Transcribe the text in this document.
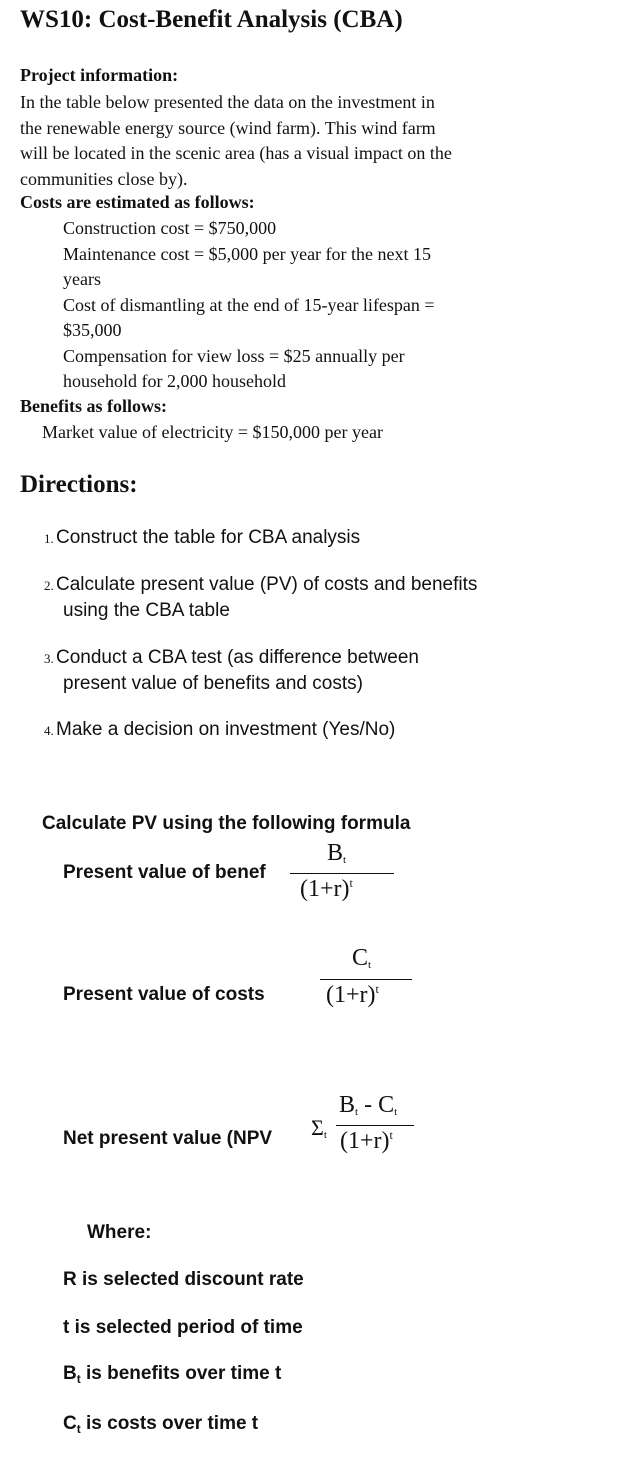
WS10: Cost-Benefit Analysis (CBA)
Project information:
In the table below presented the data on the investment in
the renewable energy source (wind farm). This wind farm
will be located in the scenic area (has a visual impact on the
communities close by).
Costs are estimated as follows:
Construction cost = $750,000
Maintenance cost = $5,000 per year for the next 15
years
Cost of dismantling at the end of 15-year lifespan =
$35,000
Compensation for view loss = $25 annually per
household for 2,000 household
Benefits as follows:
Market value of electricity = $150,000 per year
Directions:
1. Construct the table for CBA analysis
2. Calculate present value (PV) of costs and benefits
using the CBA table
3. Conduct a CBA test (as difference between
present value of benefits and costs)
4. Make a decision on investment (Yes/No)
Calculate PV using the following formula
Present value of benef
$B_t$
$(1+r)^t$
Present value of costs
$C_t$
$(1+r)^t$
Net present value (NPV $\Sigma_t$
$B_t - C_t$
$(1+r)^t$
Where:
R is selected discount rate
t is selected period of time
$B_t$ is benefits over time t
$C_t$ is costs over time t
